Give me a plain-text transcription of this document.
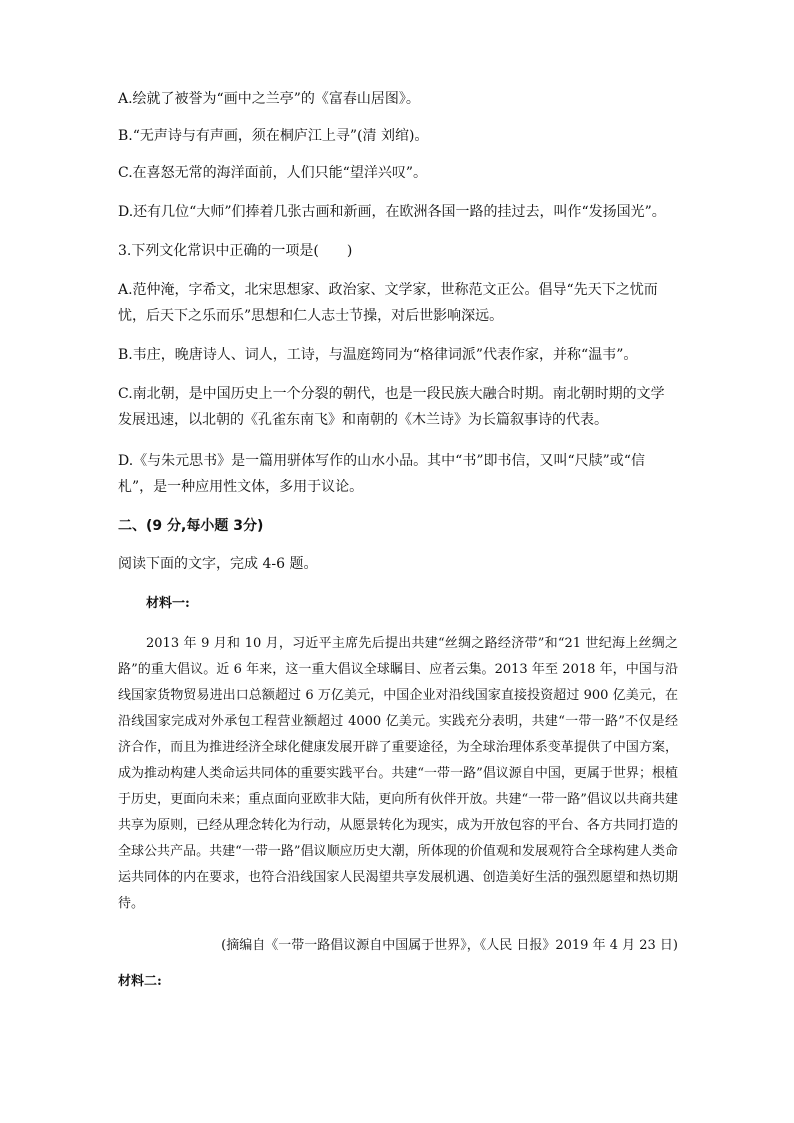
A.绘就了被誉为“画中之兰亭”的《富春山居图》。

B.“无声诗与有声画，须在桐庐江上寻”(清 刘绾)。

C.在喜怒无常的海洋面前，人们只能“望洋兴叹”。

D.还有几位“大师”们捧着几张古画和新画，在欧洲各国一路的挂过去，叫作“发扬国光”。

3.下列文化常识中正确的一项是(　　)

A.范仲淹，字希文，北宋思想家、政治家、文学家，世称范文正公。倡导“先天下之忧而忧，后天下之乐而乐”思想和仁人志士节操，对后世影响深远。

B.韦庄，晚唐诗人、词人，工诗，与温庭筠同为“格律词派”代表作家，并称“温韦”。

C.南北朝，是中国历史上一个分裂的朝代，也是一段民族大融合时期。南北朝时期的文学发展迅速，以北朝的《孔雀东南飞》和南朝的《木兰诗》为长篇叙事诗的代表。

D.《与朱元思书》是一篇用骈体写作的山水小品。其中“书”即书信，又叫“尺牍”或“信札”，是一种应用性文体，多用于议论。

二、(9 分,每小题 3分)

阅读下面的文字，完成 4-6 题。

材料一:

2013 年 9 月和 10 月，习近平主席先后提出共建“丝绸之路经济带”和“21 世纪海上丝绸之路”的重大倡议。近 6 年来，这一重大倡议全球瞩目、应者云集。2013 年至 2018 年，中国与沿线国家货物贸易进出口总额超过 6 万亿美元，中国企业对沿线国家直接投资超过 900 亿美元，在沿线国家完成对外承包工程营业额超过 4000 亿美元。实践充分表明，共建“一带一路”不仅是经济合作，而且为推进经济全球化健康发展开辟了重要途径，为全球治理体系变革提供了中国方案，成为推动构建人类命运共同体的重要实践平台。共建“一带一路”倡议源自中国，更属于世界；根植于历史，更面向未来；重点面向亚欧非大陆，更向所有伙伴开放。共建“一带一路”倡议以共商共建共享为原则，已经从理念转化为行动，从愿景转化为现实，成为开放包容的平台、各方共同打造的全球公共产品。共建“一带一路”倡议顺应历史大潮，所体现的价值观和发展观符合全球构建人类命运共同体的内在要求，也符合沿线国家人民渴望共享发展机遇、创造美好生活的强烈愿望和热切期待。

(摘编自《一带一路倡议源自中国属于世界》，《人民 日报》2019 年 4 月 23 日)
材料二:
